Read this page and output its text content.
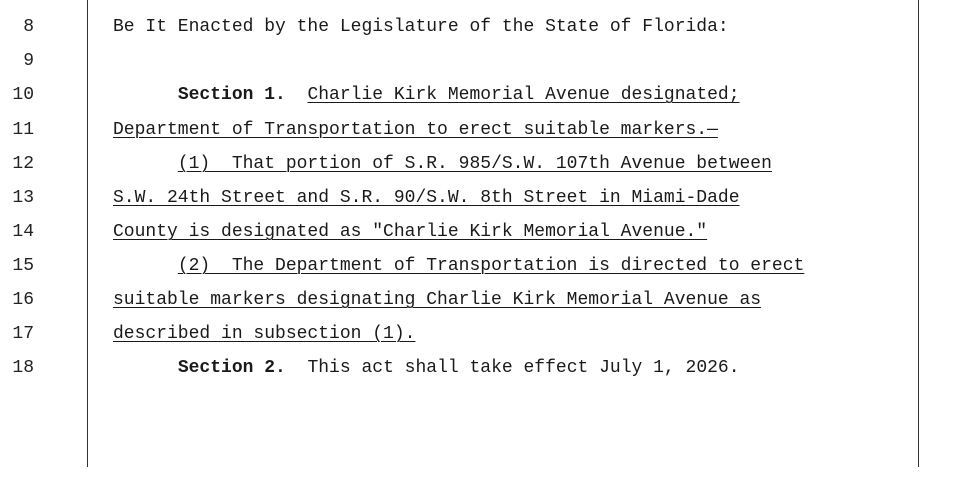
8

	Be It Enacted by the Legislature of the State of Florida:

9

10

	Section 1. Charlie Kirk Memorial Avenue designated;

11

	Department of Transportation to erect suitable markers.—

12

	(1)  That portion of S.R. 985/S.W. 107th Avenue between

13

	S.W. 24th Street and S.R. 90/S.W. 8th Street in Miami-Dade

14

	County is designated as "Charlie Kirk Memorial Avenue."

15

	(2)  The Department of Transportation is directed to erect

16

	suitable markers designating Charlie Kirk Memorial Avenue as

17

	described in subsection (1).

18

	Section 2. This act shall take effect July 1, 2026.
